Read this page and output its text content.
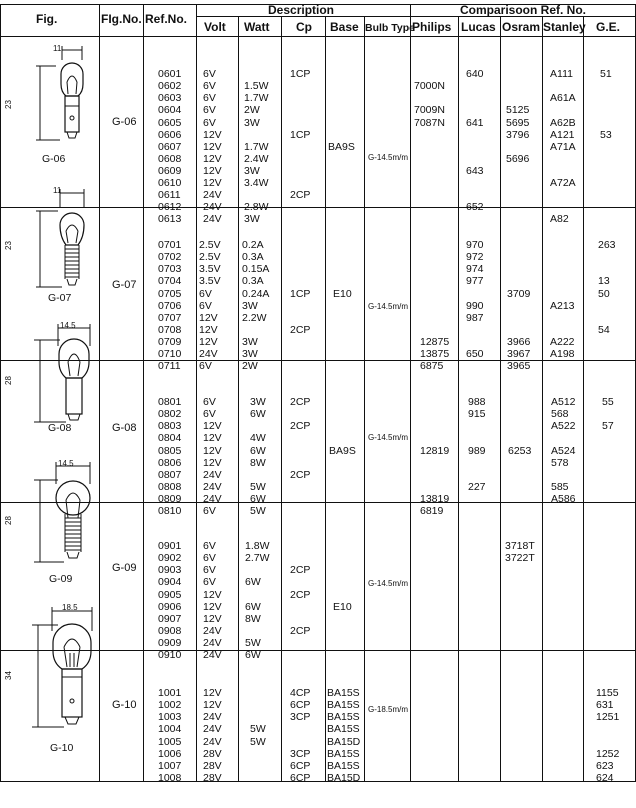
Fig.	FIg.No. Ref.No.
Description
Volt Watt Cp Base Bulb Type
Comparisoon Ref. No.
Philips Lucas Osram Stanley G.E.

0601
0602
0603
0604
0605
0606
0607
0608
0609
0610
0611
0612
0613

6V
6V
6V
6V
6V
12V
12V
12V
12V
12V
24V
24V
24V

1.5W
1.7W
2W
3W
1.7W
2.4W
3W
3.4W
2.8W
3W

1CP
1CP
2CP

BA9S

G-14.5m/m

7000N
7009N
7087N

640
641
643
652

5125
5695
3796
5696

A111
A61A
A62B
A121
A71A
A72A
A82

51
53

G-06
11
23
G-06

0701
0702
0703
0704
0705
0706
0707
0708
0709
0710
0711

2.5V
2.5V
3.5V
3.5V
6V
6V
12V
12V
12V
24V
6V

0.2A
0.3A
0.15A
0.3A
0.24A
3W
2.2W
3W
3W
2W

1CP
2CP

E10

G-14.5m/m

12875
13875
6875

970
972
974
977
990
987
650

3709
3966
3967
3965

A213
A222
A198

263
13
50
54

G-07
11
23
G-07

0801
0802
0803
0804
0805
0806
0807
0808
0809
0810

6V
6V
12V
12V
12V
12V
24V
24V
24V
6V

3W
6W
4W
6W
8W
5W
6W
5W

2CP
2CP
2CP

BA9S

G-14.5m/m

12819
13819
6819

988
915
989
227

6253

A512
568
A522
A524
578
585
A586

55
57

G-08
14.5
28
G-08

0901
0902
0903
0904
0905
0906
0907
0908
0909
0910

6V
6V
6V
6V
12V
12V
12V
24V
24V
24V

1.8W
2.7W
6W
6W
8W
5W
6W

2CP
2CP
2CP

E10

G-14.5m/m

3718T
3722T

G-09
14.5
28
G-09

1001
1002
1003
1004
1005
1006
1007
1008

12V
12V
24V
24V
24V
28V
28V
28V

5W
5W

4CP
6CP
3CP
3CP
6CP
6CP

BA15S
BA15S
BA15S
BA15S
BA15D
BA15S
BA15S
BA15D

G-18.5m/m

1155
631
1251
1252
623
624

G-10
18.5
34
G-10
